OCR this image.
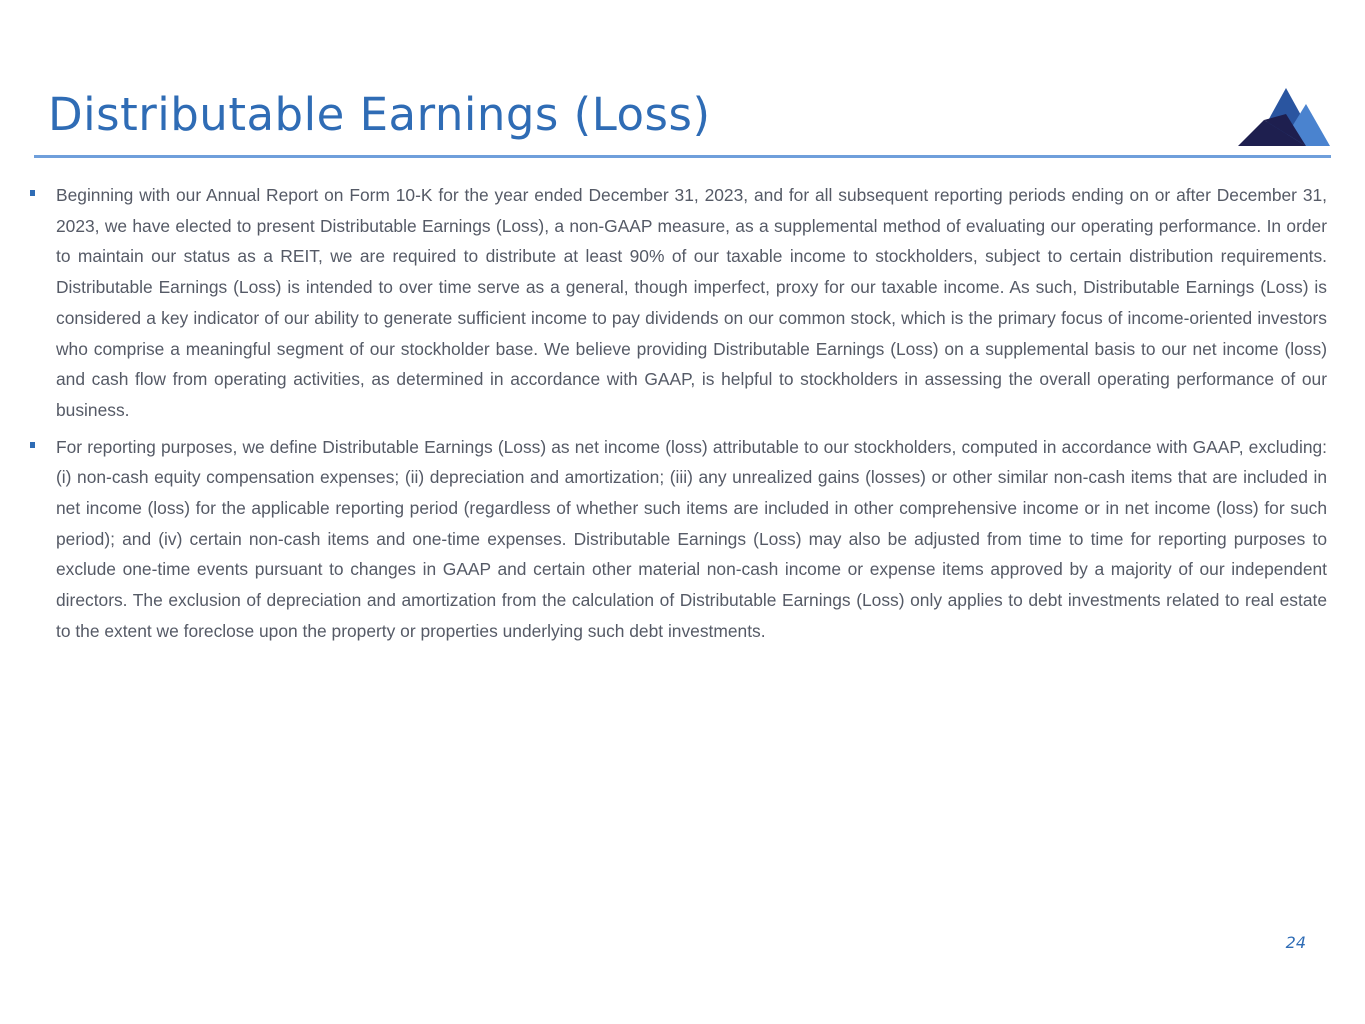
Distributable Earnings (Loss)
Beginning with our Annual Report on Form 10-K for the year ended December 31, 2023, and for all subsequent reporting periods ending on or after December 31, 2023, we have elected to present Distributable Earnings (Loss), a non-GAAP measure, as a supplemental method of evaluating our operating performance. In order to maintain our status as a REIT, we are required to distribute at least 90% of our taxable income to stockholders, subject to certain distribution requirements. Distributable Earnings (Loss) is intended to over time serve as a general, though imperfect, proxy for our taxable income. As such, Distributable Earnings (Loss) is considered a key indicator of our ability to generate sufficient income to pay dividends on our common stock, which is the primary focus of income-oriented investors who comprise a meaningful segment of our stockholder base. We believe providing Distributable Earnings (Loss) on a supplemental basis to our net income (loss) and cash flow from operating activities, as determined in accordance with GAAP, is helpful to stockholders in assessing the overall operating performance of our business.
For reporting purposes, we define Distributable Earnings (Loss) as net income (loss) attributable to our stockholders, computed in accordance with GAAP, excluding: (i) non-cash equity compensation expenses; (ii) depreciation and amortization; (iii) any unrealized gains (losses) or other similar non-cash items that are included in net income (loss) for the applicable reporting period (regardless of whether such items are included in other comprehensive income or in net income (loss) for such period); and (iv) certain non-cash items and one-time expenses. Distributable Earnings (Loss) may also be adjusted from time to time for reporting purposes to exclude one-time events pursuant to changes in GAAP and certain other material non-cash income or expense items approved by a majority of our independent directors. The exclusion of depreciation and amortization from the calculation of Distributable Earnings (Loss) only applies to debt investments related to real estate to the extent we foreclose upon the property or properties underlying such debt investments.
24
